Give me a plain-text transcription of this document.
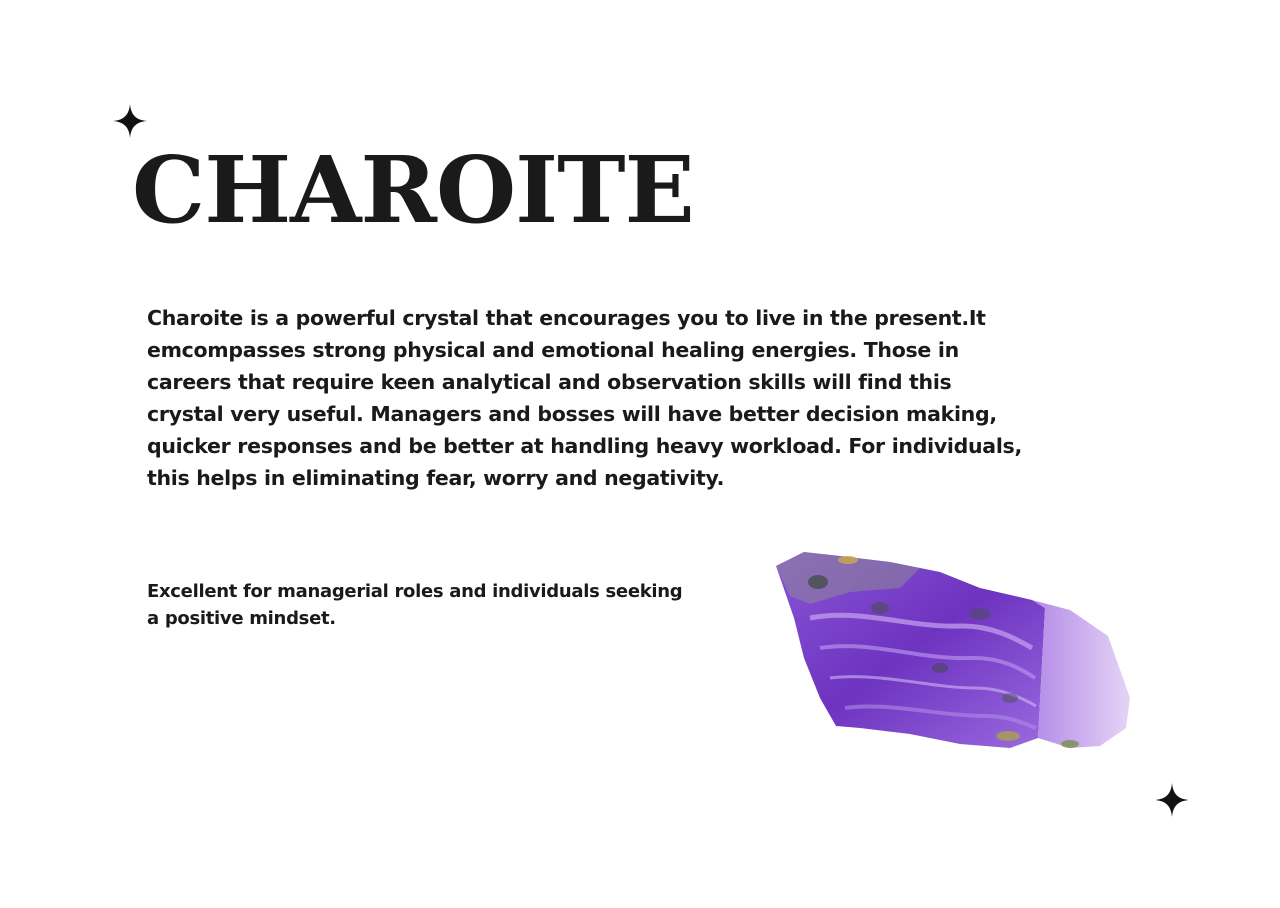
CHAROITE

Charoite is a powerful crystal that encourages you to live in the present.It emcompasses strong physical and emotional healing energies. Those in careers that require keen analytical and observation skills will find this crystal very useful. Managers and bosses will have better decision making, quicker responses and be better at handling heavy workload. For individuals, this helps in eliminating fear, worry and negativity.

Excellent for managerial roles and individuals seeking a positive mindset.
